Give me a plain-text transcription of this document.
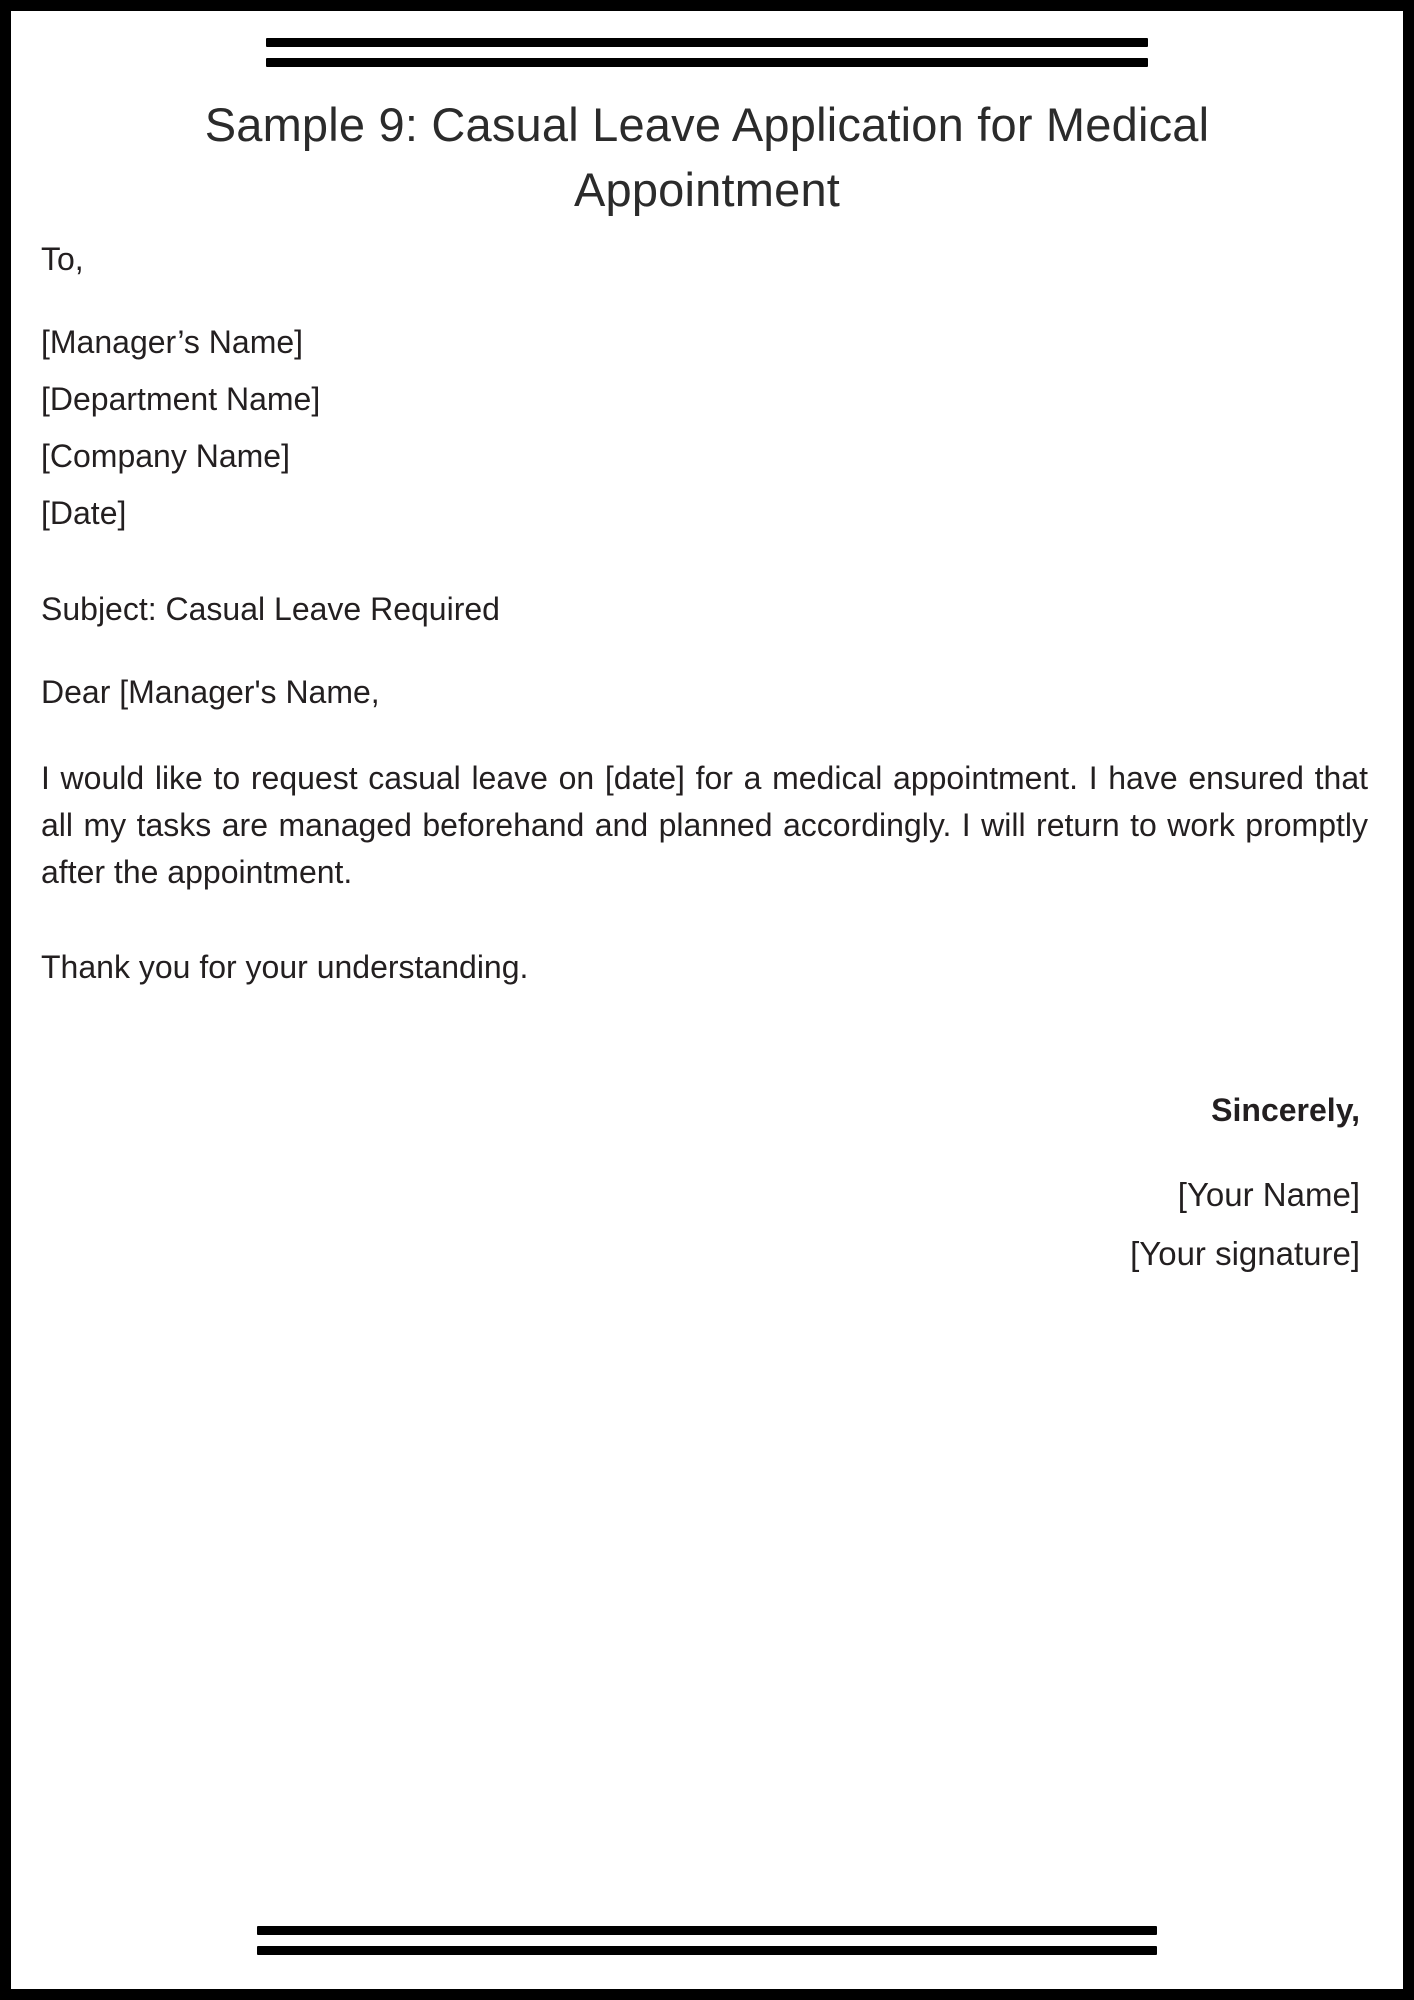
Sample 9: Casual Leave Application for Medical Appointment

To,

[Manager’s Name]

[Department Name]

[Company Name]

[Date]

Subject: Casual Leave Required

Dear [Manager's Name,

I would like to request casual leave on [date] for a medical appointment. I have ensured that all my tasks are managed beforehand and planned accordingly. I will return to work promptly after the appointment.

Thank you for your understanding.

Sincerely,
[Your Name]
[Your signature]
